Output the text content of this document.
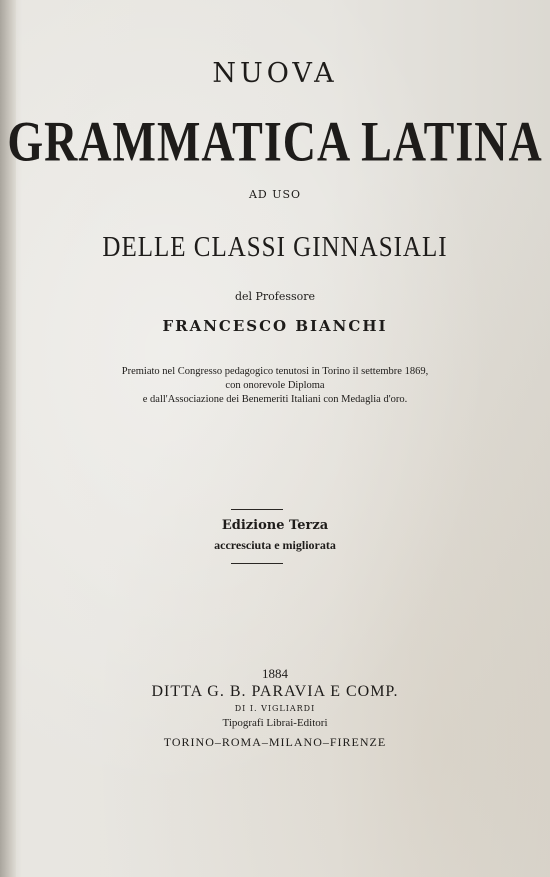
NUOVA
GRAMMATICA LATINA
AD USO
DELLE CLASSI GINNASIALI
del Professore
FRANCESCO BIANCHI
Premiato nel Congresso pedagogico tenutosi in Torino il settembre 1869,
con onorevole Diploma
e dall'Associazione dei Benemeriti Italiani con Medaglia d'oro.
Edizione Terza
accresciuta e migliorata
1884
DITTA G. B. PARAVIA E COMP.
DI I. VIGLIARDI
Tipografi Librai-Editori
TORINO–ROMA–MILANO–FIRENZE
